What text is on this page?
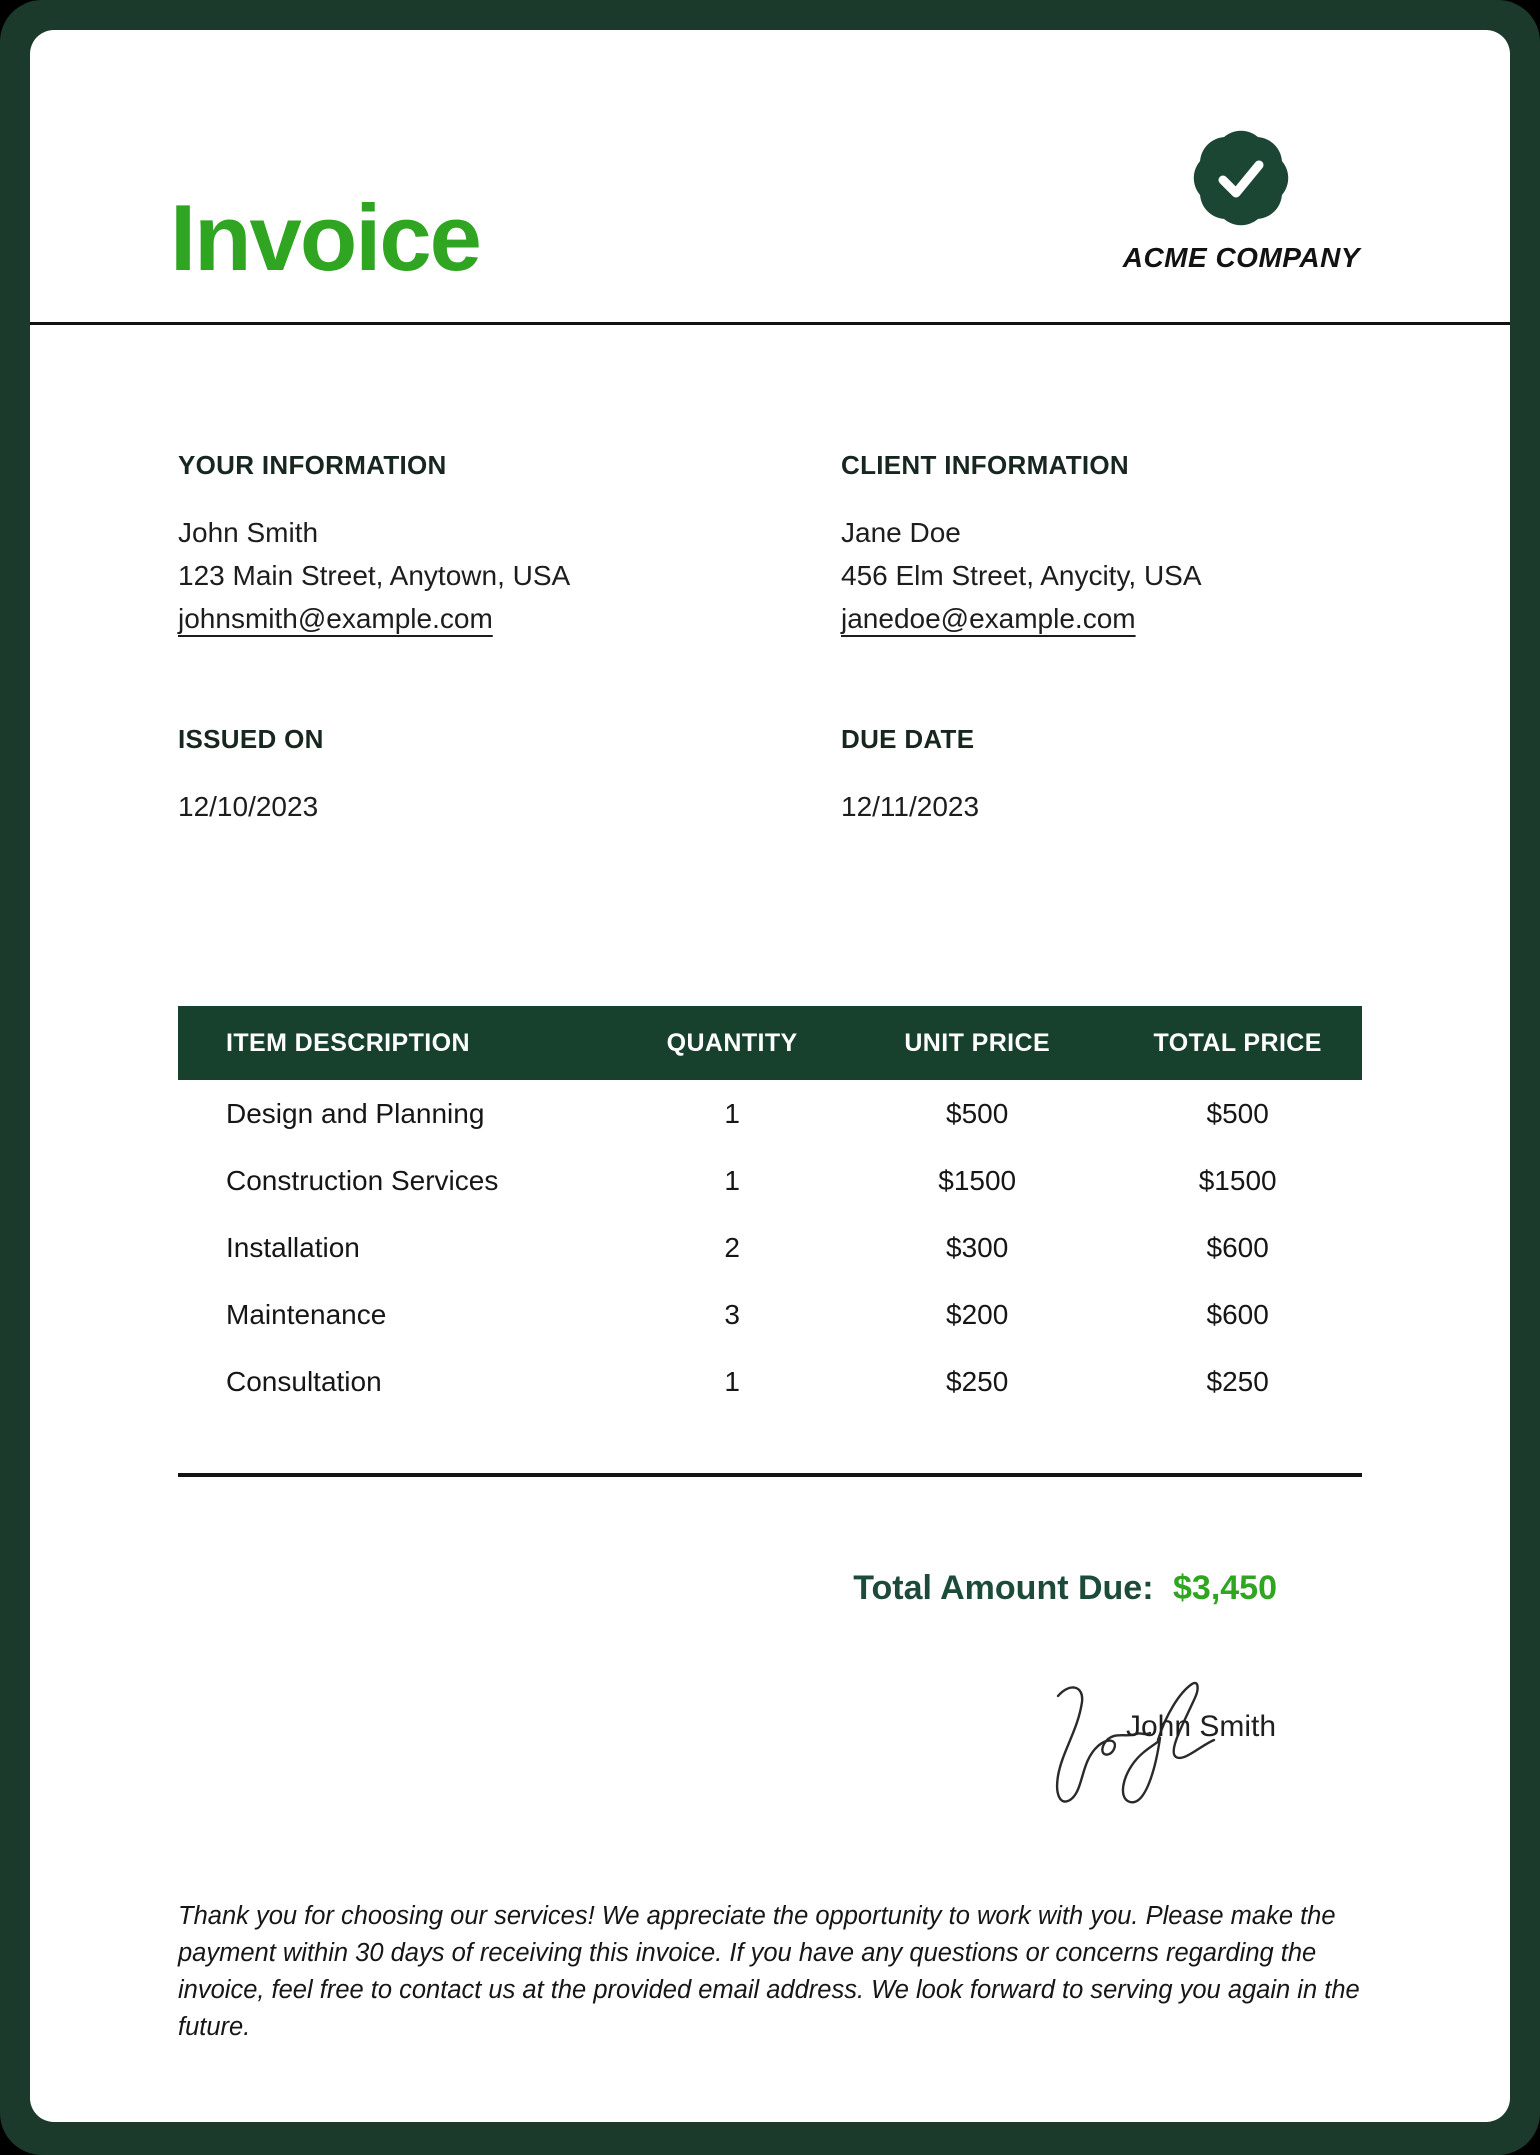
Invoice	ACME COMPANY
YOUR INFORMATION
John Smith
123 Main Street, Anytown, USA
johnsmith@example.com
CLIENT INFORMATION
Jane Doe
456 Elm Street, Anycity, USA
janedoe@example.com
ISSUED ON
12/10/2023
DUE DATE
12/11/2023
ITEM DESCRIPTION	QUANTITY	UNIT PRICE	TOTAL PRICE
Design and Planning	1	$500	$500
Construction Services	1	$1500	$1500
Installation	2	$300	$600
Maintenance	3	$200	$600
Consultation	1	$250	$250
Total Amount Due: $3,450
John Smith

Thank you for choosing our services! We appreciate the opportunity to work with you. Please make the payment within 30 days of receiving this invoice. If you have any questions or concerns regarding the invoice, feel free to contact us at the provided email address. We look forward to serving you again in the future.
